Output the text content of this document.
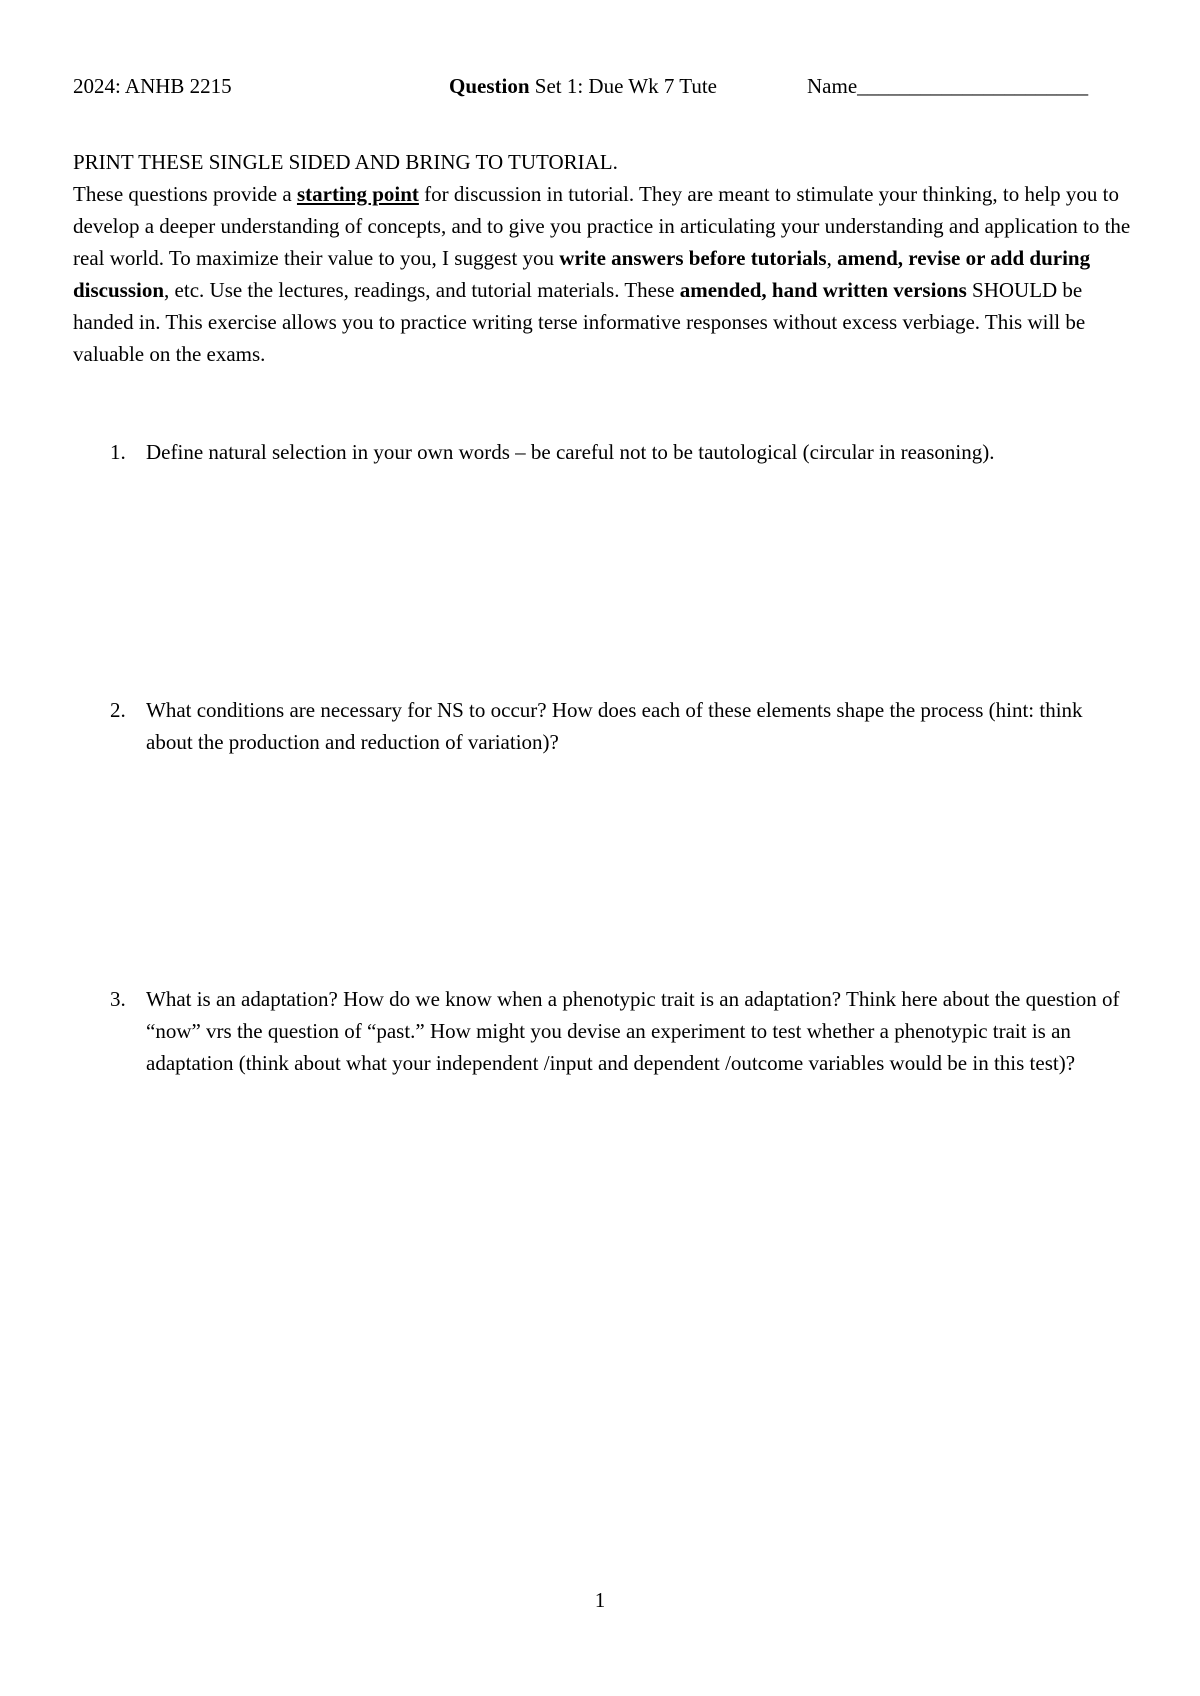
2024: ANHB 2215	Question Set 1: Due Wk 7 Tute	Name______________________

PRINT THESE SINGLE SIDED AND BRING TO TUTORIAL.

These questions provide a starting point for discussion in tutorial. They are meant to stimulate your thinking, to help you to develop a deeper understanding of concepts, and to give you practice in articulating your understanding and application to the real world. To maximize their value to you, I suggest you write answers before tutorials, amend, revise or add during discussion, etc. Use the lectures, readings, and tutorial materials. These amended, hand written versions SHOULD be handed in. This exercise allows you to practice writing terse informative responses without excess verbiage. This will be valuable on the exams.

1. Define natural selection in your own words – be careful not to be tautological (circular in reasoning).
2. What conditions are necessary for NS to occur? How does each of these elements shape the process (hint: think about the production and reduction of variation)?
3. What is an adaptation? How do we know when a phenotypic trait is an adaptation? Think here about the question of “now” vrs the question of “past.” How might you devise an experiment to test whether a phenotypic trait is an adaptation (think about what your independent /input and dependent /outcome variables would be in this test)?
1
